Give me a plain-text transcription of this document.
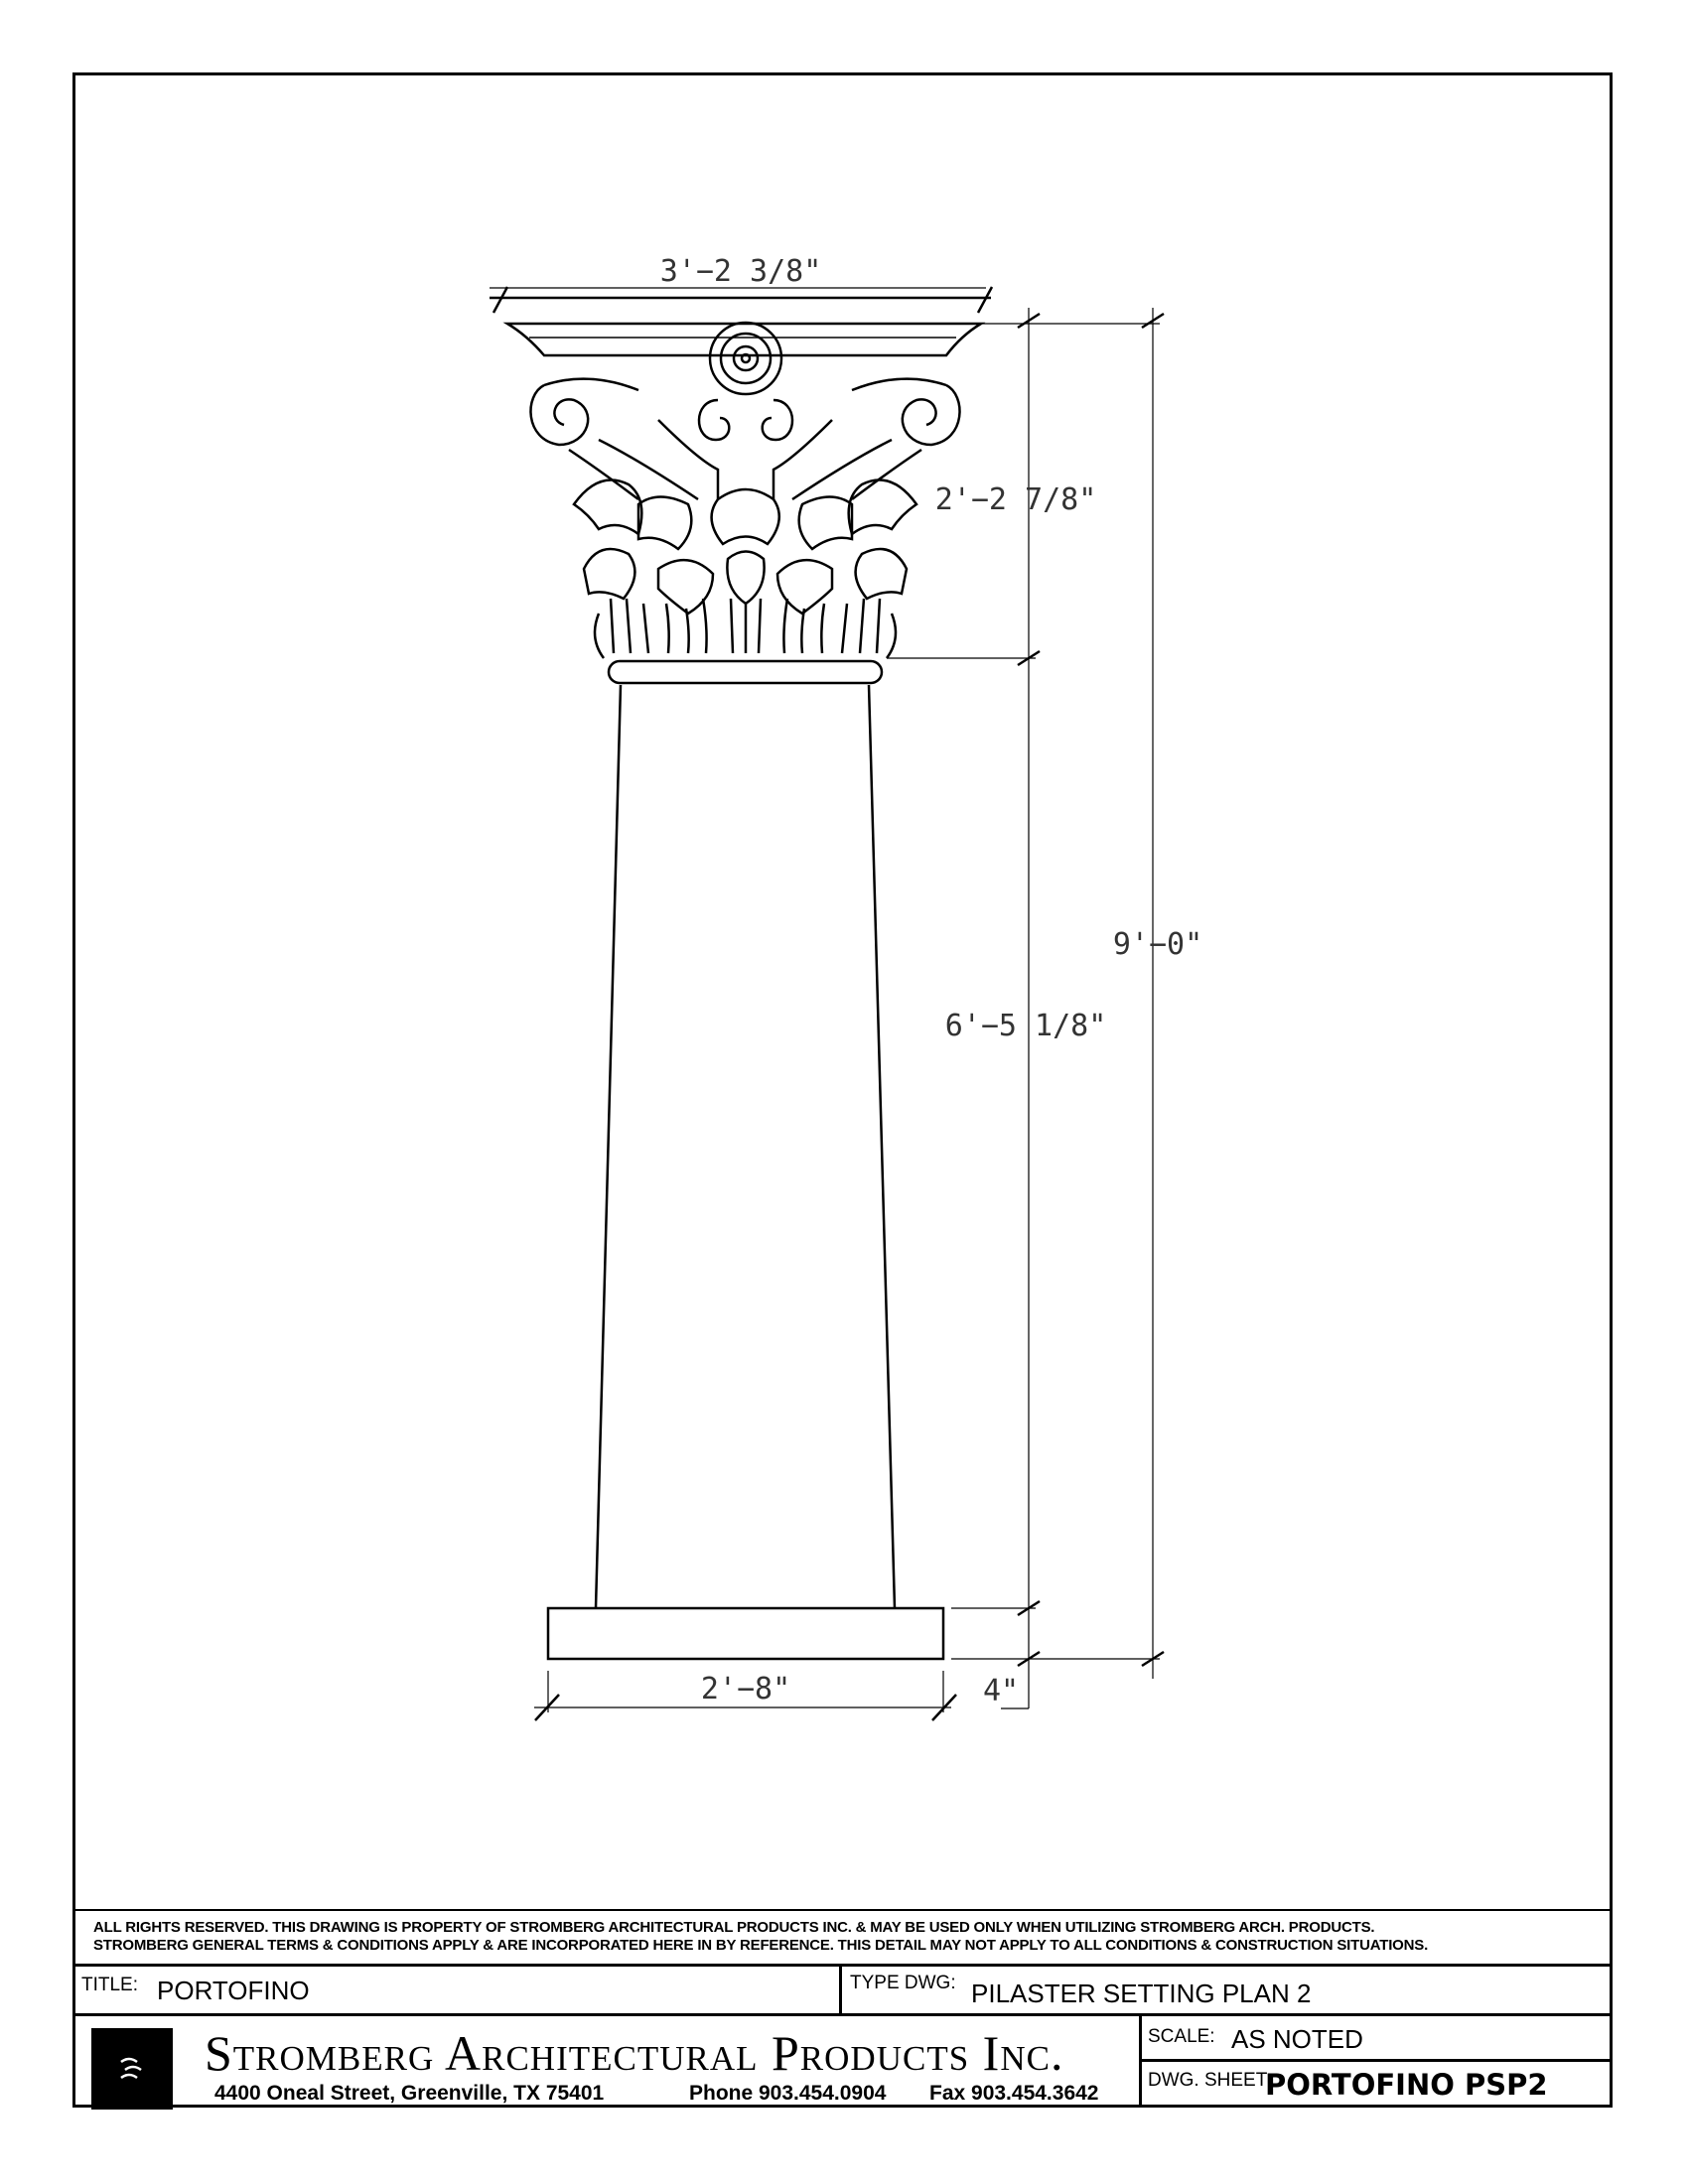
3'−2 3/8"
2'−2 7/8"
9'−0"
6'−5 1/8"
2'−8"	4"
ALL RIGHTS RESERVED. THIS DRAWING IS PROPERTY OF STROMBERG ARCHITECTURAL PRODUCTS INC. & MAY BE USED ONLY WHEN UTILIZING STROMBERG ARCH. PRODUCTS.
STROMBERG GENERAL TERMS & CONDITIONS APPLY & ARE INCORPORATED HERE IN BY REFERENCE. THIS DETAIL MAY NOT APPLY TO ALL CONDITIONS & CONSTRUCTION SITUATIONS.
TITLE: PORTOFINO	TYPE DWG: PILASTER SETTING PLAN 2
Stromberg Architectural Products Inc.
4400 Oneal Street, Greenville, TX 75401	Phone 903.454.0904 Fax 903.454.3642
SCALE: AS NOTED
DWG. SHEET
PORTOFINO PSP2
